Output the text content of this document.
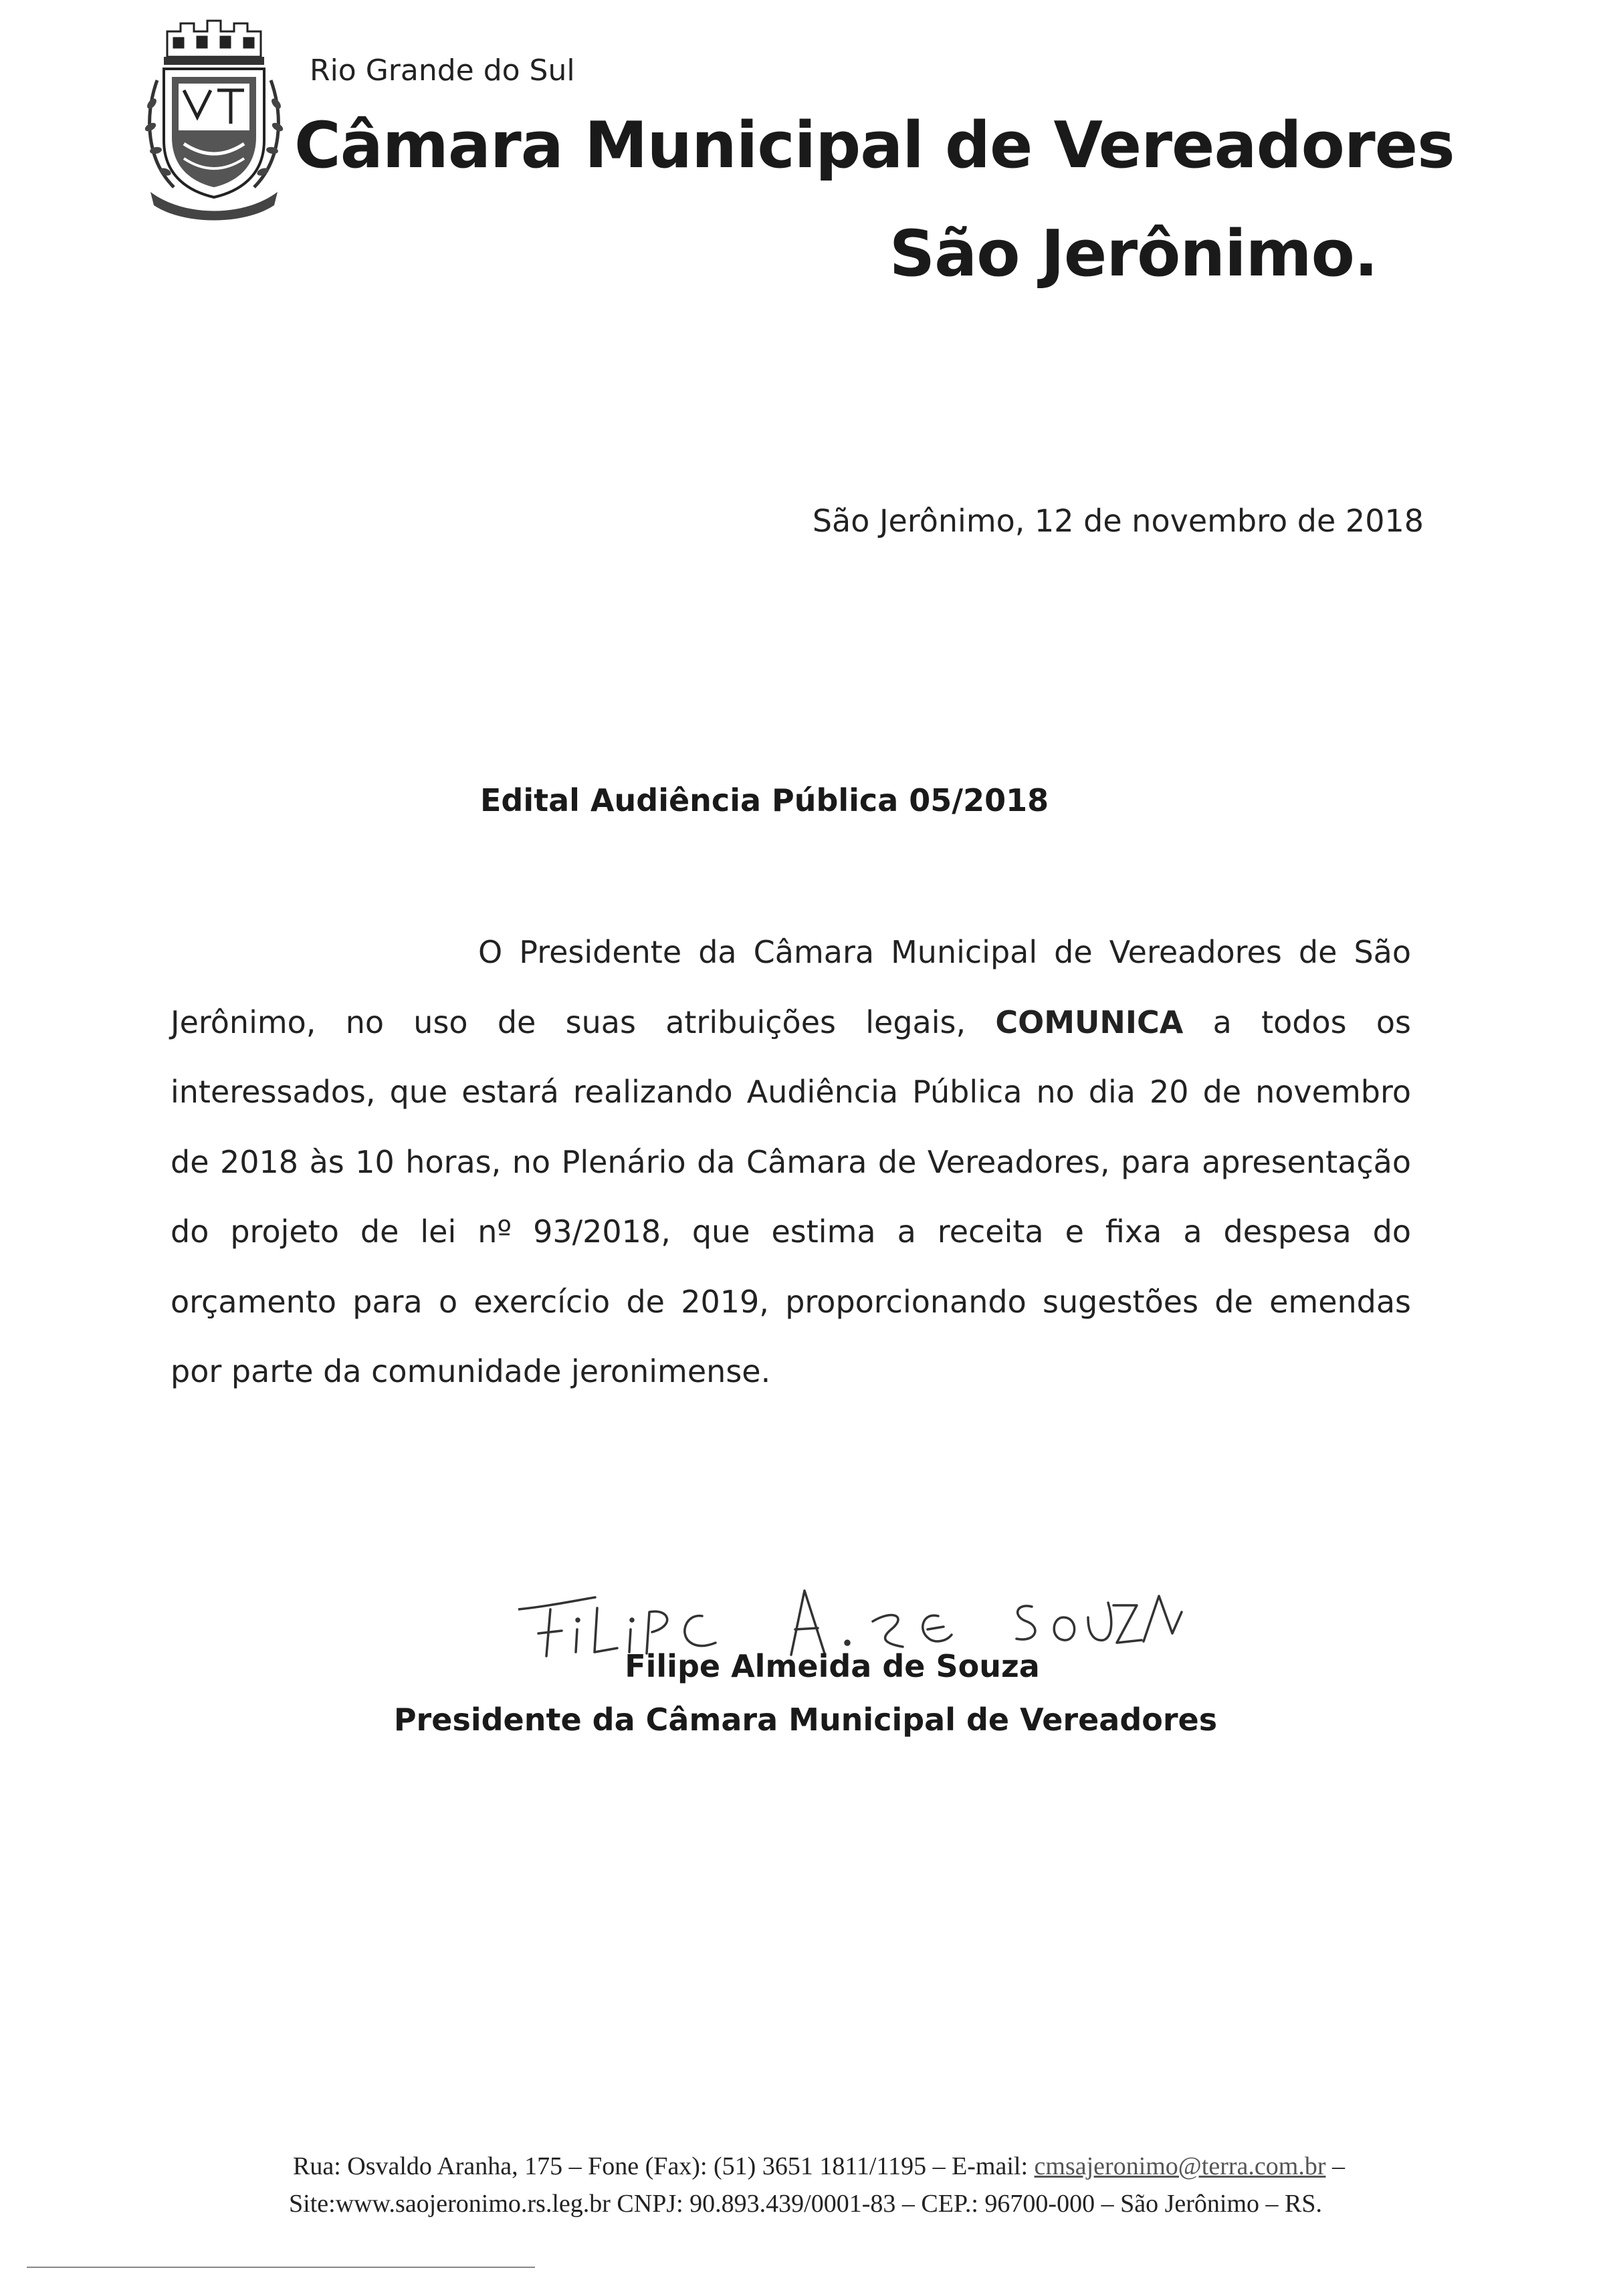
Rio Grande do Sul
Câmara Municipal de Vereadores
São Jerônimo.
São Jerônimo, 12 de novembro de 2018
Edital Audiência Pública 05/2018
O Presidente da Câmara Municipal de Vereadores de São Jerônimo, no uso de suas atribuições legais, COMUNICA a todos os interessados, que estará realizando Audiência Pública no dia 20 de novembro de 2018 às 10 horas, no Plenário da Câmara de Vereadores, para apresentação do projeto de lei nº 93/2018, que estima a receita e fixa a despesa do orçamento para o exercício de 2019, proporcionando sugestões de emendas por parte da comunidade jeronimense.
Filipe Almeida de Souza
Presidente da Câmara Municipal de Vereadores
Rua: Osvaldo Aranha, 175 – Fone (Fax): (51) 3651 1811/1195 – E-mail: cmsajeronimo@terra.com.br –
Site:www.saojeronimo.rs.leg.br CNPJ: 90.893.439/0001-83 – CEP.: 96700-000 – São Jerônimo – RS.
